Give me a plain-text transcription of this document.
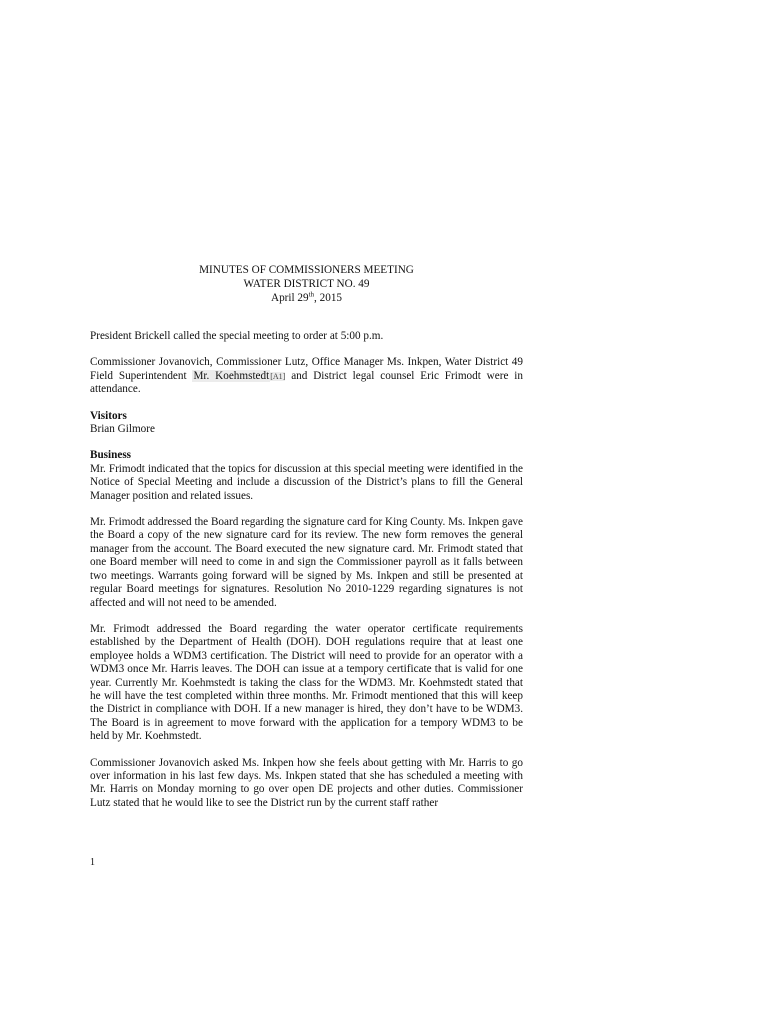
MINUTES OF COMMISSIONERS MEETING
WATER DISTRICT NO. 49
April 29th, 2015

President Brickell called the special meeting to order at 5:00 p.m.

Commissioner Jovanovich, Commissioner Lutz, Office Manager Ms. Inkpen, Water District 49 Field Superintendent Mr. Koehmstedt[A1] and District legal counsel Eric Frimodt were in attendance.

Visitors
Brian Gilmore
Business

Mr. Frimodt indicated that the topics for discussion at this special meeting were identified in the Notice of Special Meeting and include a discussion of the District’s plans to fill the General Manager position and related issues.

Mr. Frimodt addressed the Board regarding the signature card for King County. Ms. Inkpen gave the Board a copy of the new signature card for its review. The new form removes the general manager from the account. The Board executed the new signature card. Mr. Frimodt stated that one Board member will need to come in and sign the Commissioner payroll as it falls between two meetings. Warrants going forward will be signed by Ms. Inkpen and still be presented at regular Board meetings for signatures. Resolution No 2010-1229 regarding signatures is not affected and will not need to be amended.

Mr. Frimodt addressed the Board regarding the water operator certificate requirements established by the Department of Health (DOH). DOH regulations require that at least one employee holds a WDM3 certification. The District will need to provide for an operator with a WDM3 once Mr. Harris leaves. The DOH can issue at a tempory certificate that is valid for one year. Currently Mr. Koehmstedt is taking the class for the WDM3. Mr. Koehmstedt stated that he will have the test completed within three months. Mr. Frimodt mentioned that this will keep the District in compliance with DOH. If a new manager is hired, they don’t have to be WDM3. The Board is in agreement to move forward with the application for a tempory WDM3 to be held by Mr. Koehmstedt.

Commissioner Jovanovich asked Ms. Inkpen how she feels about getting with Mr. Harris to go over information in his last few days. Ms. Inkpen stated that she has scheduled a meeting with Mr. Harris on Monday morning to go over open DE projects and other duties. Commissioner Lutz stated that he would like to see the District run by the current staff rather

1
